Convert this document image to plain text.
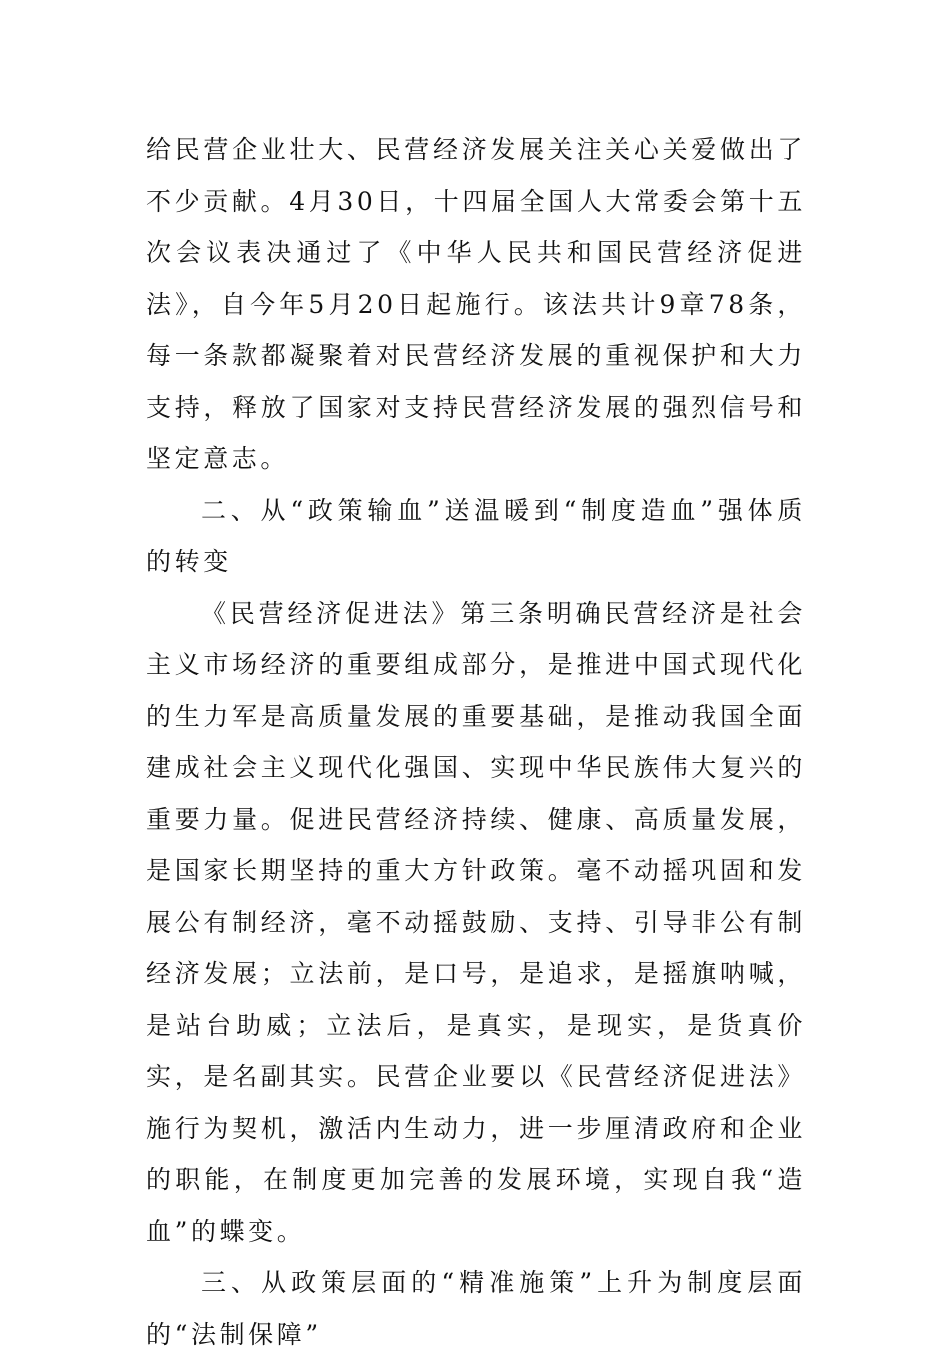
给民营企业壮大、民营经济发展关注关心关爱做出了不少贡献。4月30日，十四届全国人大常委会第十五次会议表决通过了《中华人民共和国民营经济促进法》，自今年5月20日起施行。该法共计9章78条，每一条款都凝聚着对民营经济发展的重视保护和大力支持，释放了国家对支持民营经济发展的强烈信号和坚定意志。

二、从“政策输血”送温暖到“制度造血”强体质的转变

《民营经济促进法》第三条明确民营经济是社会主义市场经济的重要组成部分，是推进中国式现代化的生力军是高质量发展的重要基础，是推动我国全面建成社会主义现代化强国、实现中华民族伟大复兴的重要力量。促进民营经济持续、健康、高质量发展，是国家长期坚持的重大方针政策。毫不动摇巩固和发展公有制经济，毫不动摇鼓励、支持、引导非公有制经济发展；立法前，是口号，是追求，是摇旗呐喊，是站台助威；立法后，是真实，是现实，是货真价实，是名副其实。民营企业要以《民营经济促进法》施行为契机，激活内生动力，进一步厘清政府和企业的职能，在制度更加完善的发展环境，实现自我“造血”的蝶变。

三、从政策层面的“精准施策”上升为制度层面的“法制保障”
